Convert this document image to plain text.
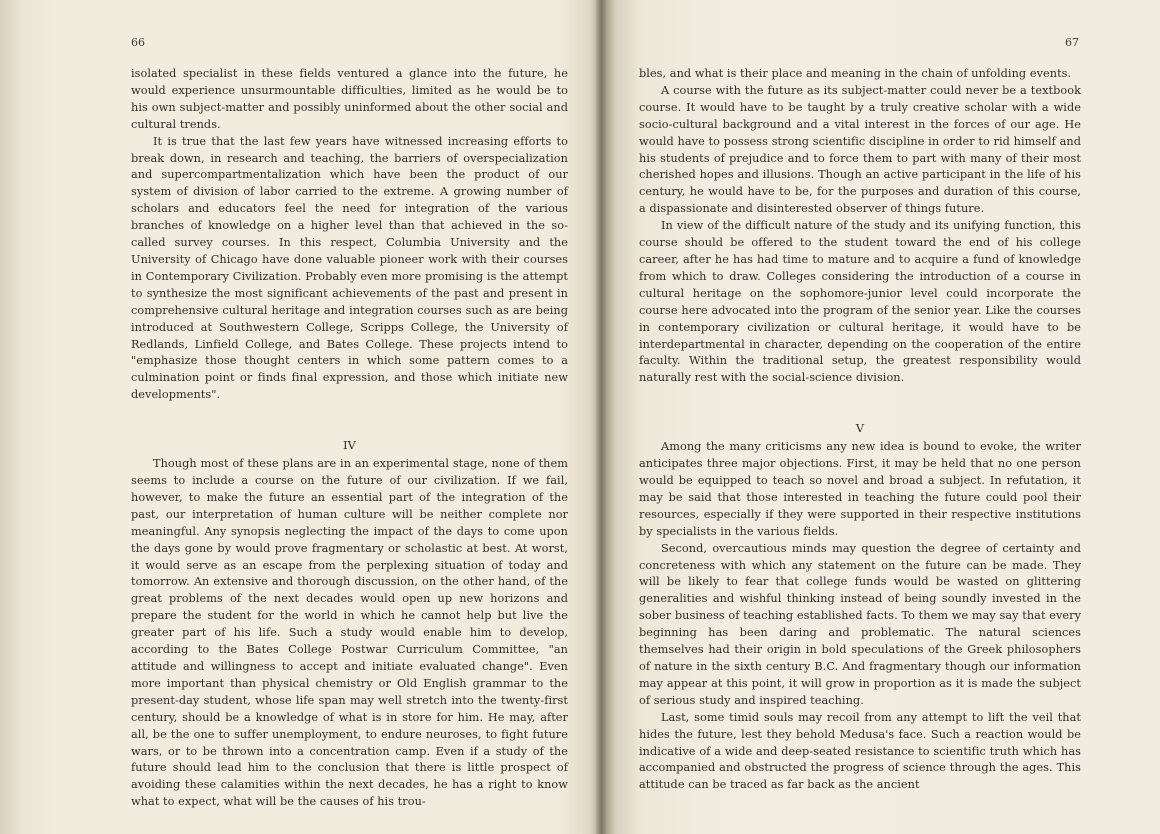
66

isolated specialist in these fields ventured a glance into the future, he would experience unsurmountable difficulties, limited as he would be to his own subject-matter and possibly uninformed about the other social and cultural trends.

It is true that the last few years have witnessed increasing efforts to break down, in research and teaching, the barriers of overspecialization and supercompartmentalization which have been the product of our system of division of labor carried to the extreme. A growing number of scholars and educators feel the need for integration of the various branches of knowledge on a higher level than that achieved in the so-called survey courses. In this respect, Columbia University and the University of Chicago have done valuable pioneer work with their courses in Contemporary Civilization. Probably even more promising is the attempt to synthesize the most significant achievements of the past and present in comprehensive cultural heritage and integration courses such as are being introduced at Southwestern College, Scripps College, the University of Redlands, Linfield College, and Bates College. These projects intend to "emphasize those thought centers in which some pattern comes to a culmination point or finds final expression, and those which initiate new developments".

IV

Though most of these plans are in an experimental stage, none of them seems to include a course on the future of our civilization. If we fail, however, to make the future an essential part of the integration of the past, our interpretation of human culture will be neither complete nor meaningful. Any synopsis neglecting the impact of the days to come upon the days gone by would prove fragmentary or scholastic at best. At worst, it would serve as an escape from the perplexing situation of today and tomorrow. An extensive and thorough discussion, on the other hand, of the great problems of the next decades would open up new horizons and prepare the student for the world in which he cannot help but live the greater part of his life. Such a study would enable him to develop, according to the Bates College Postwar Curriculum Committee, "an attitude and willingness to accept and initiate evaluated change". Even more important than physical chemistry or Old English grammar to the present-day student, whose life span may well stretch into the twenty-first century, should be a knowledge of what is in store for him. He may, after all, be the one to suffer unemployment, to endure neuroses, to fight future wars, or to be thrown into a concentration camp. Even if a study of the future should lead him to the conclusion that there is little prospect of avoiding these calamities within the next decades, he has a right to know what to expect, what will be the causes of his trou-

67

bles, and what is their place and meaning in the chain of unfolding events.

A course with the future as its subject-matter could never be a textbook course. It would have to be taught by a truly creative scholar with a wide socio-cultural background and a vital interest in the forces of our age. He would have to possess strong scientific discipline in order to rid himself and his students of prejudice and to force them to part with many of their most cherished hopes and illusions. Though an active participant in the life of his century, he would have to be, for the purposes and duration of this course, a dispassionate and disinterested observer of things future.

In view of the difficult nature of the study and its unifying function, this course should be offered to the student toward the end of his college career, after he has had time to mature and to acquire a fund of knowledge from which to draw. Colleges considering the introduction of a course in cultural heritage on the sophomore-junior level could incorporate the course here advocated into the program of the senior year. Like the courses in contemporary civilization or cultural heritage, it would have to be interdepartmental in character, depending on the cooperation of the entire faculty. Within the traditional setup, the greatest responsibility would naturally rest with the social-science division.

V

Among the many criticisms any new idea is bound to evoke, the writer anticipates three major objections. First, it may be held that no one person would be equipped to teach so novel and broad a subject. In refutation, it may be said that those interested in teaching the future could pool their resources, especially if they were supported in their respective institutions by specialists in the various fields.

Second, overcautious minds may question the degree of certainty and concreteness with which any statement on the future can be made. They will be likely to fear that college funds would be wasted on glittering generalities and wishful thinking instead of being soundly invested in the sober business of teaching established facts. To them we may say that every beginning has been daring and problematic. The natural sciences themselves had their origin in bold speculations of the Greek philosophers of nature in the sixth century B.C. And fragmentary though our information may appear at this point, it will grow in proportion as it is made the subject of serious study and inspired teaching.

Last, some timid souls may recoil from any attempt to lift the veil that hides the future, lest they behold Medusa's face. Such a reaction would be indicative of a wide and deep-seated resistance to scientific truth which has accompanied and obstructed the progress of science through the ages. This attitude can be traced as far back as the ancient
